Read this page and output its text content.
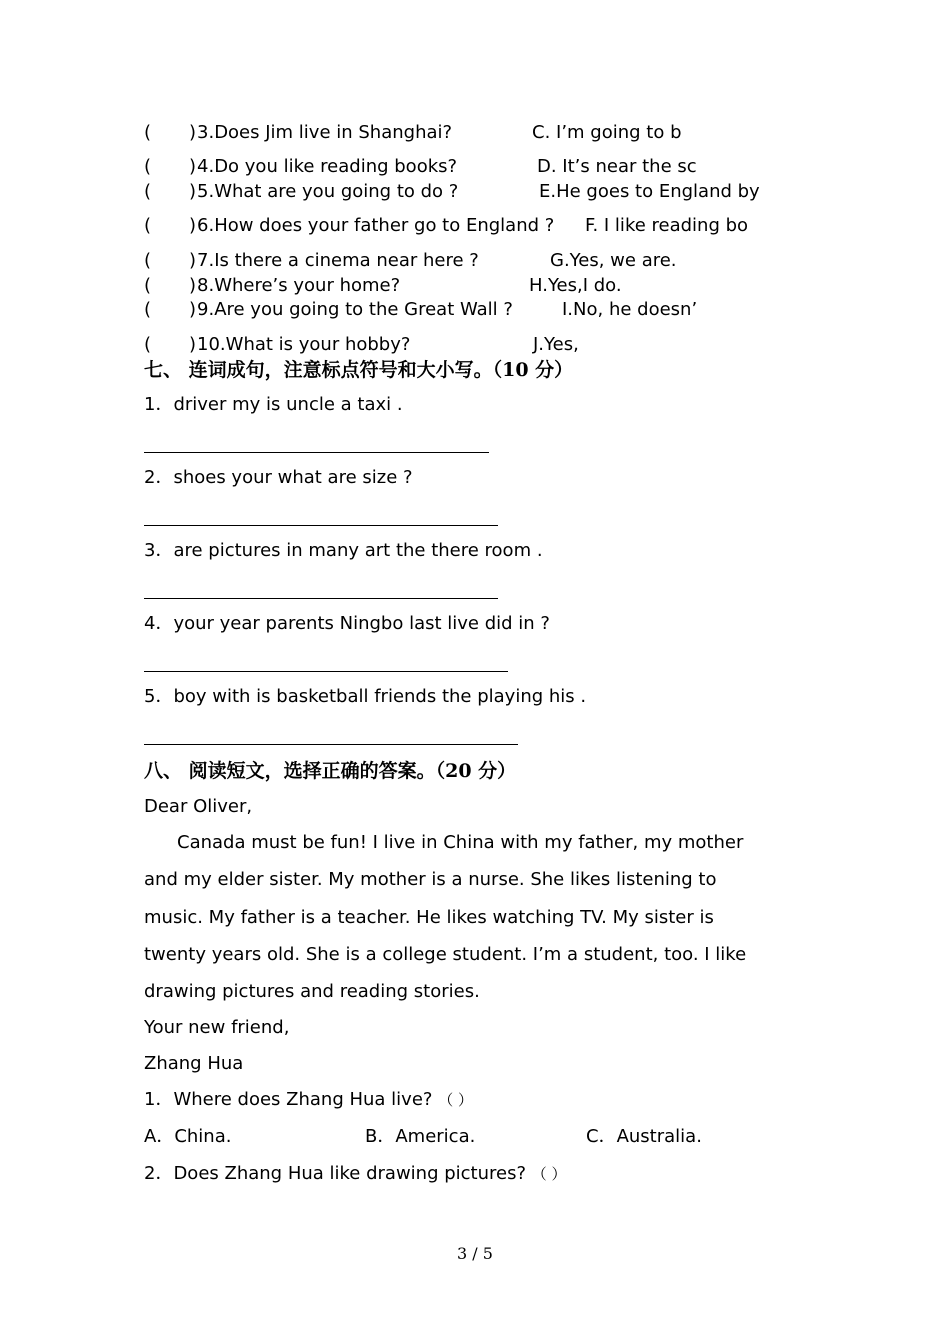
( ) 3.Does Jim live in Shanghai?	C. I’m going to b
( ) 4.Do you like reading books?	D. It’s near the sc
( ) 5.What are you going to do ?	E.He goes to England by
( ) 6.How does your father go to England ? F. I like reading bo
( ) 7.Is there a cinema near here ?	G.Yes, we are.
( ) 8.Where’s your home?	H.Yes,I do.
( ) 9.Are you going to the Great Wall ?	I.No, he doesn’
( ) 10.What is your hobby?	J.Yes,
七、 连词成句，注意标点符号和大小写。（10 分）
1．driver my is uncle a taxi .
2．shoes your what are size ?
3．are pictures in many art the there room .
4．your year parents Ningbo last live did in ?
5．boy with is basketball friends the playing his .
八、 阅读短文，选择正确的答案。（20 分）
Dear Oliver,
Canada must be fun! I live in China with my father, my mother
and my elder sister. My mother is a nurse. She likes listening to
music. My father is a teacher. He likes watching TV. My sister is
twenty years old. She is a college student. I’m a student, too. I like
drawing pictures and reading stories.
Your new friend,
Zhang Hua
1．Where does Zhang Hua live? （ ）
A．China.	B．America.	C．Australia.
2．Does Zhang Hua like drawing pictures? （ ）
3 / 5
